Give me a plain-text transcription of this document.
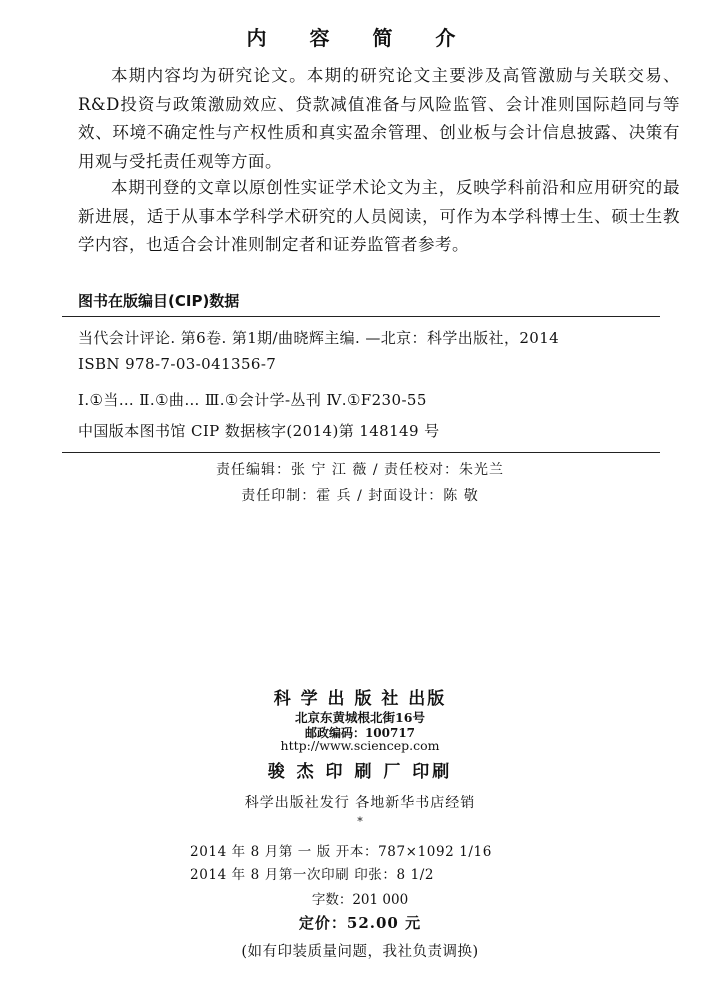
内 容 简 介
本期内容均为研究论文。本期的研究论文主要涉及高管激励与关联交易、R&D投资与政策激励效应、贷款减值准备与风险监管、会计准则国际趋同与等效、环境不确定性与产权性质和真实盈余管理、创业板与会计信息披露、决策有用观与受托责任观等方面。
本期刊登的文章以原创性实证学术论文为主，反映学科前沿和应用研究的最新进展，适于从事本学科学术研究的人员阅读，可作为本学科博士生、硕士生教学内容，也适合会计准则制定者和证券监管者参考。
图书在版编目(CIP)数据
当代会计评论. 第6卷. 第1期/曲晓辉主编. —北京：科学出版社，2014
ISBN 978-7-03-041356-7
Ⅰ.①当… Ⅱ.①曲… Ⅲ.①会计学-丛刊 Ⅳ.①F230-55
中国版本图书馆 CIP 数据核字(2014)第 148149 号
责任编辑：张 宁 江 薇 / 责任校对：朱光兰
责任印制：霍 兵 / 封面设计：陈 敬
科 学 出 版 社 出版
北京东黄城根北街16号
邮政编码：100717
http://www.sciencep.com
骏 杰 印 刷 厂 印刷
科学出版社发行 各地新华书店经销
*
2014 年 8 月第 一 版 开本：787×1092 1/16
2014 年 8 月第一次印刷 印张：8 1/2
字数：201 000
定价：52.00 元
(如有印装质量问题，我社负责调换)
